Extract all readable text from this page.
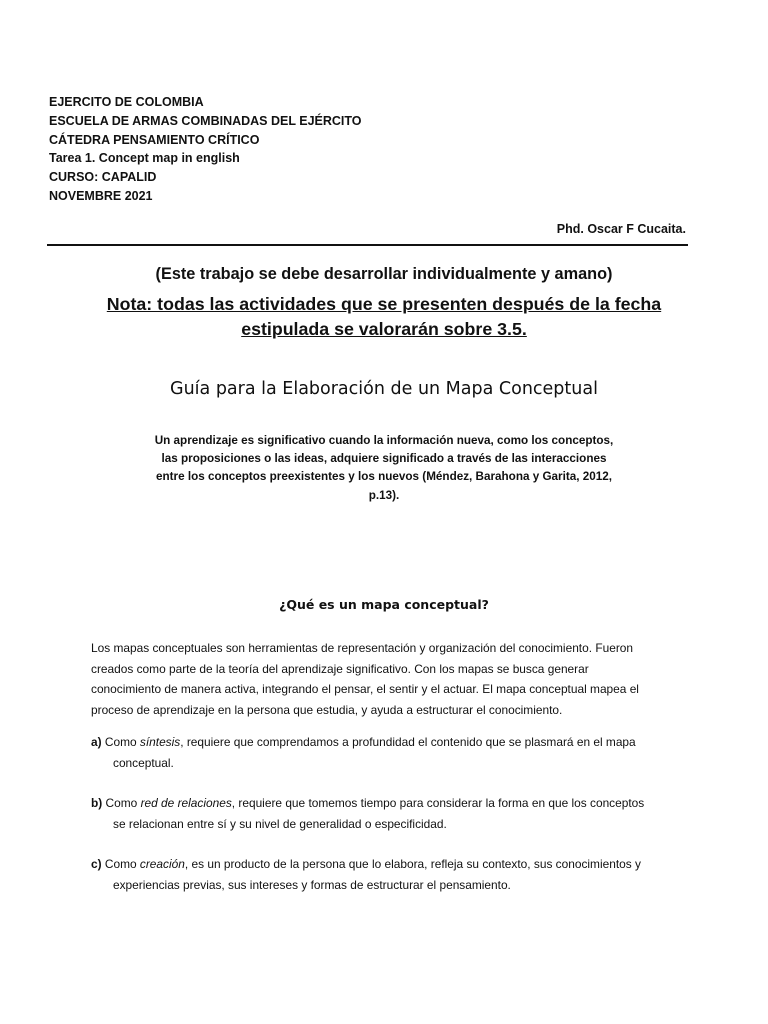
EJERCITO DE COLOMBIA
ESCUELA DE ARMAS COMBINADAS DEL EJÉRCITO
CÁTEDRA PENSAMIENTO CRÍTICO
Tarea 1. Concept map in english
CURSO: CAPALID
NOVEMBRE 2021
Phd. Oscar F Cucaita.
(Este trabajo se debe desarrollar individualmente y amano)
Nota: todas las actividades que se presenten después de la fecha
estipulada se valorarán sobre 3.5.
Guía para la Elaboración de un Mapa Conceptual
Un aprendizaje es significativo cuando la información nueva, como los conceptos,
las proposiciones o las ideas, adquiere significado a través de las interacciones
entre los conceptos preexistentes y los nuevos (Méndez, Barahona y Garita, 2012,
p.13).
¿Qué es un mapa conceptual?
Los mapas conceptuales son herramientas de representación y organización del conocimiento. Fueron
creados como parte de la teoría del aprendizaje significativo. Con los mapas se busca generar
conocimiento de manera activa, integrando el pensar, el sentir y el actuar. El mapa conceptual mapea el
proceso de aprendizaje en la persona que estudia, y ayuda a estructurar el conocimiento.
a) Como síntesis, requiere que comprendamos a profundidad el contenido que se plasmará en el mapa
conceptual.
b) Como red de relaciones, requiere que tomemos tiempo para considerar la forma en que los conceptos
se relacionan entre sí y su nivel de generalidad o especificidad.
c) Como creación, es un producto de la persona que lo elabora, refleja su contexto, sus conocimientos y
experiencias previas, sus intereses y formas de estructurar el pensamiento.
